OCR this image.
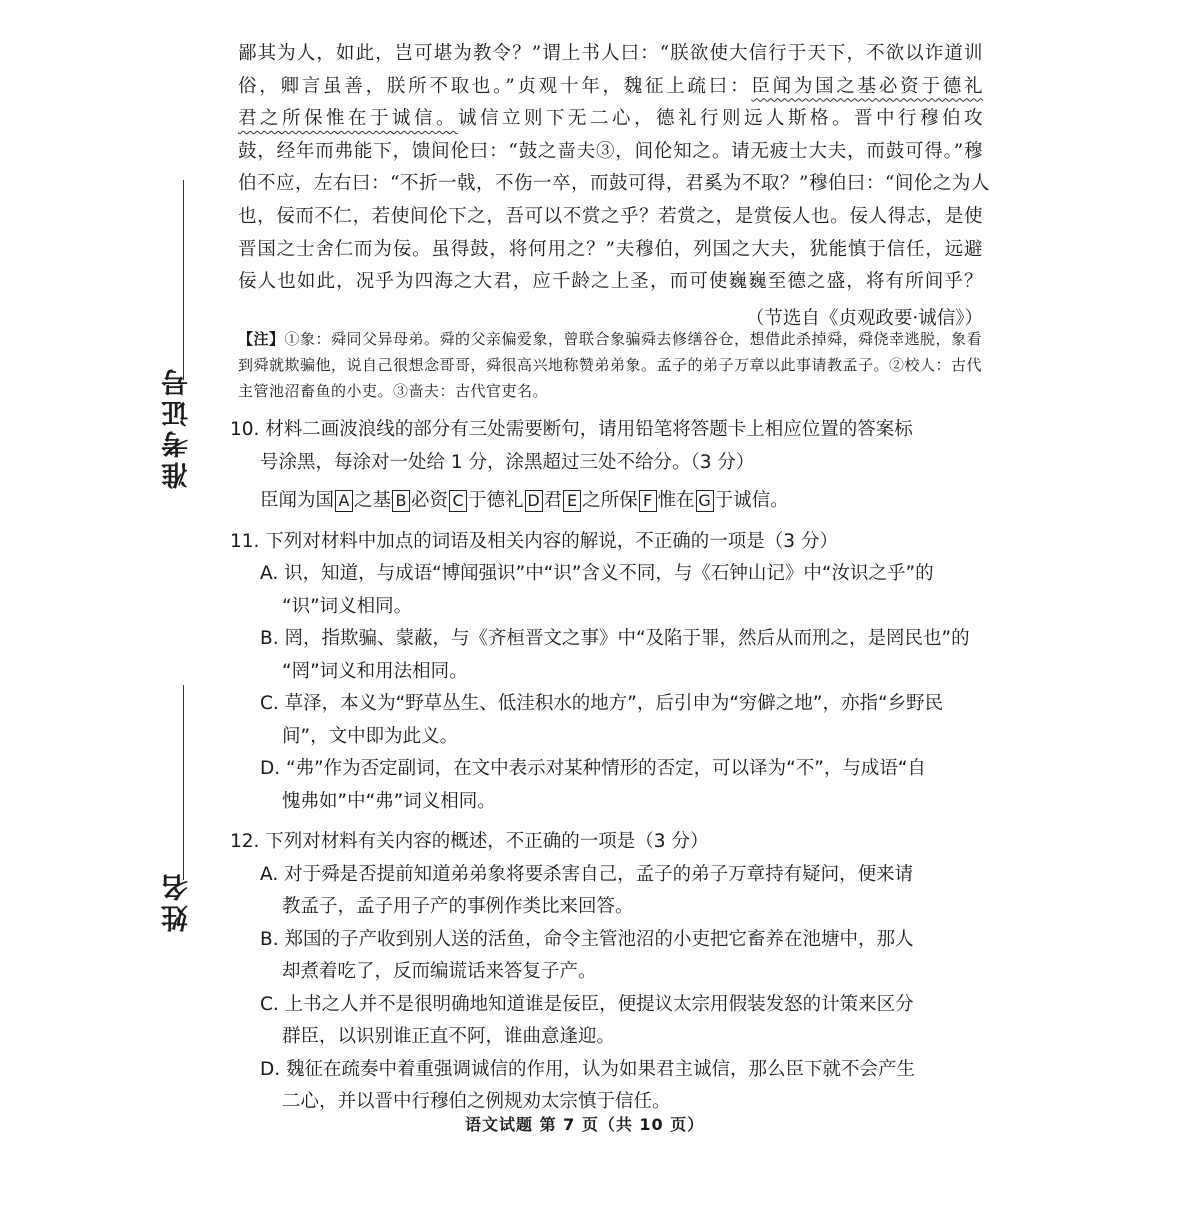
准考证号
姓名
鄙其为人，如此，岂可堪为教令？”谓上书人曰：“朕欲使大信行于天下，不欲以诈道训
俗，卿言虽善，朕所不取也。”贞观十年，魏征上疏曰：臣闻为国之基必资于德礼
君之所保惟在于诚信。诚信立则下无二心，德礼行则远人斯格。晋中行穆伯攻
鼓，经年而弗能下，馈间伦曰：“鼓之啬夫③，间伦知之。请无疲士大夫，而鼓可得。”穆
伯不应，左右曰：“不折一戟，不伤一卒，而鼓可得，君奚为不取？”穆伯曰：“间伦之为人
也，佞而不仁，若使间伦下之，吾可以不赏之乎？若赏之，是赏佞人也。佞人得志，是使
晋国之士舍仁而为佞。虽得鼓，将何用之？”夫穆伯，列国之大夫，犹能慎于信任，远避
佞人也如此，况乎为四海之大君，应千龄之上圣，而可使巍巍至德之盛，将有所间乎？
（节选自《贞观政要·诚信》）
【注】①象：舜同父异母弟。舜的父亲偏爱象，曾联合象骗舜去修缮谷仓，想借此杀掉舜，舜侥幸逃脱，象看到舜就欺骗他，说自己很想念哥哥，舜很高兴地称赞弟弟象。孟子的弟子万章以此事请教孟子。②校人：古代主管池沼畜鱼的小吏。③啬夫：古代官吏名。
10. 材料二画波浪线的部分有三处需要断句，请用铅笔将答题卡上相应位置的答案标
号涂黑，每涂对一处给 1 分，涂黑超过三处不给分。（3 分）
臣闻为国 A 之基 B 必资 C 于德礼 D 君 E 之所保 F 惟在 G 于诚信。
11. 下列对材料中加点的词语及相关内容的解说，不正确的一项是（3 分）
A. 识，知道，与成语“博闻强识”中“识”含义不同，与《石钟山记》中“汝识之乎”的
“识”词义相同。
B. 罔，指欺骗、蒙蔽，与《齐桓晋文之事》中“及陷于罪，然后从而刑之，是罔民也”的
“罔”词义和用法相同。
C. 草泽，本义为“野草丛生、低洼积水的地方”，后引申为“穷僻之地”，亦指“乡野民
间”，文中即为此义。
D. “弗”作为否定副词，在文中表示对某种情形的否定，可以译为“不”，与成语“自
愧弗如”中“弗”词义相同。
12. 下列对材料有关内容的概述，不正确的一项是（3 分）
A. 对于舜是否提前知道弟弟象将要杀害自己，孟子的弟子万章持有疑问，便来请
教孟子，孟子用子产的事例作类比来回答。
B. 郑国的子产收到别人送的活鱼，命令主管池沼的小吏把它畜养在池塘中，那人
却煮着吃了，反而编谎话来答复子产。
C. 上书之人并不是很明确地知道谁是佞臣，便提议太宗用假装发怒的计策来区分
群臣，以识别谁正直不阿，谁曲意逢迎。
D. 魏征在疏奏中着重强调诚信的作用，认为如果君主诚信，那么臣下就不会产生
二心，并以晋中行穆伯之例规劝太宗慎于信任。
语文试题 第 7 页（共 10 页）
